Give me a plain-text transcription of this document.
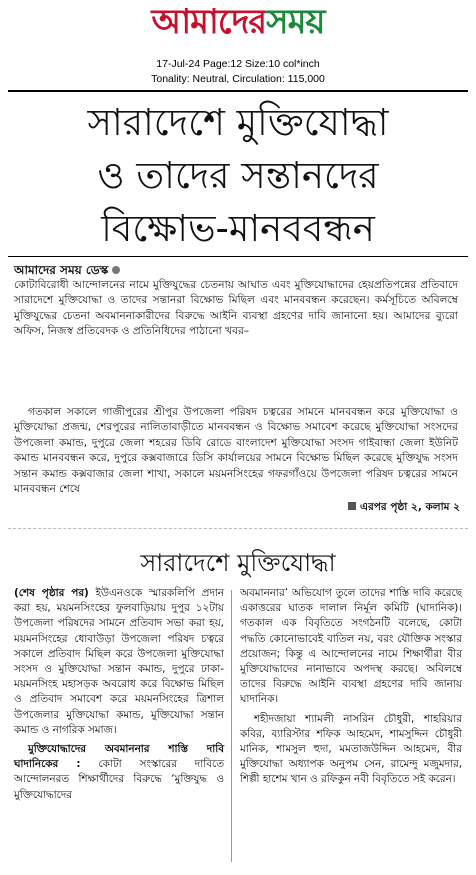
আমাদেরসময়
17-Jul-24 Page:12 Size:10 col*inch
Tonality: Neutral, Circulation: 115,000
সারাদেশে মুক্তিযোদ্ধা
ও তাদের সন্তানদের
বিক্ষোভ-মানববন্ধন
আমাদের সময় ডেস্ক
কোটাবিরোধী আন্দোলনের নামে মুক্তিযুদ্ধের চেতনায় আঘাত এবং মুক্তিযোদ্ধাদের হেয়প্রতিপন্নের প্রতিবাদে সারাদেশে মুক্তিযোদ্ধা ও তাদের সন্তানরা বিক্ষোভ মিছিল এবং মানববন্ধন করেছেন। কর্মসূচিতে অবিলম্বে মুক্তিযুদ্ধের চেতনা অবমাননাকারীদের বিরুদ্ধে আইনি ব্যবস্থা গ্রহণের দাবি জানানো হয়। আমাদের ব্যুরো অফিস, নিজস্ব প্রতিবেদক ও প্রতিনিধিদের পাঠানো খবর–
গতকাল সকালে গাজীপুরের শ্রীপুর উপজেলা পরিষদ চত্বরের সামনে মানববন্ধন করে মুক্তিযোদ্ধা ও মুক্তিযোদ্ধা প্রজন্ম, শেরপুরের নালিতাবাড়ীতে মানববন্ধন ও বিক্ষোভ সমাবেশ করেছে মুক্তিযোদ্ধা সংসদের উপজেলা কমান্ড, দুপুরে জেলা শহরের ডিবি রোডে বাংলাদেশ মুক্তিযোদ্ধা সংসদ গাইবান্ধা জেলা ইউনিট কমান্ড মানববন্ধন করে, দুপুরে কক্সবাজারে ডিসি কার্যালয়ের সামনে বিক্ষোভ মিছিল করেছে মুক্তিযুদ্ধ সংসদ সন্তান কমান্ড কক্সবাজার জেলা শাখা, সকালে ময়মনসিংহের গফরগাঁওয়ে উপজেলা পরিষদ চত্বরের সামনে মানববন্ধন শেষে
এরপর পৃষ্ঠা ২, কলাম ২
সারাদেশে মুক্তিযোদ্ধা
(শেষ পৃষ্ঠার পর) ইউএনওকে স্মারকলিপি প্রদান করা হয়, ময়মনসিংহের ফুলবাড়িয়ায় দুপুর ১২টায় উপজেলা পরিষদের সামনে প্রতিবাদ সভা করা হয়, ময়মনসিংহের ধোবাউড়া উপজেলা পরিষদ চত্বরে সকালে প্রতিবাদ মিছিল করে উপজেলা মুক্তিযোদ্ধা সংসদ ও মুক্তিযোদ্ধা সন্তান কমান্ড, দুপুরে ঢাকা-ময়মনসিংহ মহাসড়ক অবরোধ করে বিক্ষোভ মিছিল ও প্রতিবাদ সমাবেশ করে ময়মনসিংহের ত্রিশাল উপজেলার মুক্তিযোদ্ধা কমান্ড, মুক্তিযোদ্ধা সন্তান কমান্ড ও নাগরিক সমাজ।
মুক্তিযোদ্ধাদের অবমাননার শাস্তি দাবি ঘাদানিকের : কোটা সংস্কারের দাবিতে আন্দোলনরত শিক্ষার্থীদের বিরুদ্ধে ‘মুক্তিযুদ্ধ ও মুক্তিযোদ্ধাদের
অবমাননার’ অভিযোগ তুলে তাদের শাস্তি দাবি করেছে একাত্তরের ঘাতক দালাল নির্মূল কমিটি (ঘাদানিক)। গতকাল এক বিবৃতিতে সংগঠনটি বলেছে, কোটা পদ্ধতি কোনোভাবেই বাতিল নয়, বরং যৌক্তিক সংস্কার প্রয়োজন; কিন্তু এ আন্দোলনের নামে শিক্ষার্থীরা বীর মুক্তিযোদ্ধাদের নানাভাবে অপদস্থ করছে। অবিলম্বে তাদের বিরুদ্ধে আইনি ব্যবস্থা গ্রহণের দাবি জানায় ঘাদানিক।
শহীদজায়া শ্যামলী নাসরিন চৌধুরী, শাহরিয়ার কবির, ব্যারিস্টার শফিক আহমেদ, শামসুদ্দিন চৌধুরী মানিক, শামসুল হুদা, মমতাজউদ্দিন আহমেদ, বীর মুক্তিযোদ্ধা অধ্যাপক অনুপম সেন, রামেন্দু মজুমদার, শিল্পী হাশেম খান ও রফিকুন নবী বিবৃতিতে সই করেন।
